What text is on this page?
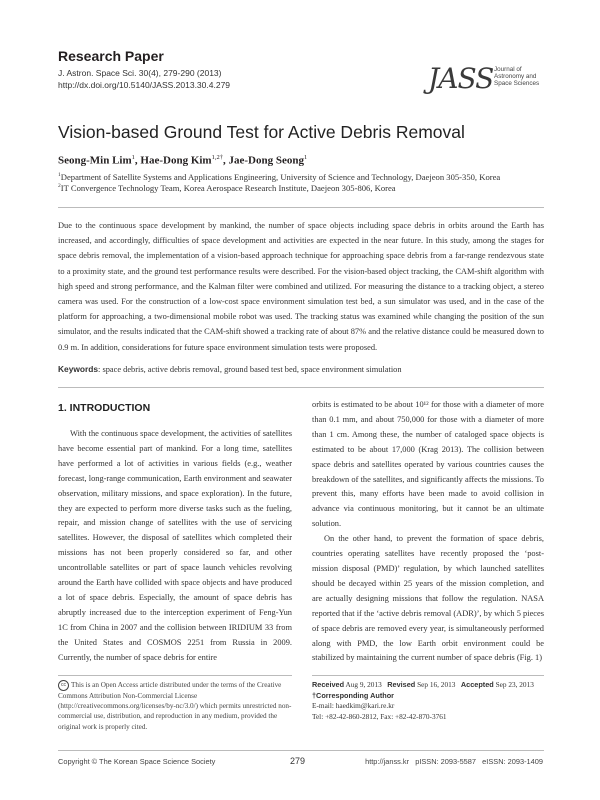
Research Paper
J. Astron. Space Sci. 30(4), 279-290 (2013)
http://dx.doi.org/10.5140/JASS.2013.30.4.279	JASS Journal of
Astronomy and
Space Sciences
Vision-based Ground Test for Active Debris Removal
Seong-Min Lim$^1$, Hae-Dong Kim$^{1,2\dagger}$, Jae-Dong Seong$^1$
$^1$Department of Satellite Systems and Applications Engineering, University of Science and Technology, Daejeon 305-350, Korea
$^2$IT Convergence Technology Team, Korea Aerospace Research Institute, Daejeon 305-806, Korea
Due to the continuous space development by mankind, the number of space objects including space debris in orbits around the Earth has increased, and accordingly, difficulties of space development and activities are expected in the near future. In this study, among the stages for space debris removal, the implementation of a vision-based approach technique for approaching space debris from a far-range rendezvous state to a proximity state, and the ground test performance results were described. For the vision-based object tracking, the CAM-shift algorithm with high speed and strong performance, and the Kalman filter were combined and utilized. For measuring the distance to a tracking object, a stereo camera was used. For the construction of a low-cost space environment simulation test bed, a sun simulator was used, and in the case of the platform for approaching, a two-dimensional mobile robot was used. The tracking status was examined while changing the position of the sun simulator, and the results indicated that the CAM-shift showed a tracking rate of about 87% and the relative distance could be measured down to 0.9 m. In addition, considerations for future space environment simulation tests were proposed.
Keywords: space debris, active debris removal, ground based test bed, space environment simulation
1. INTRODUCTION

With the continuous space development, the activities of satellites have become essential part of mankind. For a long time, satellites have performed a lot of activities in various fields (e.g., weather forecast, long-range communication, Earth environment and seawater observation, military missions, and space exploration). In the future, they are expected to perform more diverse tasks such as the fueling, repair, and mission change of satellites with the use of servicing satellites. However, the disposal of satellites which completed their missions has not been properly considered so far, and other uncontrollable satellites or part of space launch vehicles revolving around the Earth have collided with space objects and have produced a lot of space debris. Especially, the amount of space debris has abruptly increased due to the interception experiment of Feng-Yun 1C from China in 2007 and the collision between IRIDIUM 33 from the United States and COSMOS 2251 from Russia in 2009. Currently, the number of space debris for entire

orbits is estimated to be about 10¹² for those with a diameter of more than 0.1 mm, and about 750,000 for those with a diameter of more than 1 cm. Among these, the number of cataloged space objects is estimated to be about 17,000 (Krag 2013). The collision between space debris and satellites operated by various countries causes the breakdown of the satellites, and significantly affects the missions. To prevent this, many efforts have been made to avoid collision in advance via continuous monitoring, but it cannot be an ultimate solution.

On the other hand, to prevent the formation of space debris, countries operating satellites have recently proposed the ‘post-mission disposal (PMD)’ regulation, by which launched satellites should be decayed within 25 years of the mission completion, and are actually designing missions that follow the regulation. NASA reported that if the ‘active debris removal (ADR)’, by which 5 pieces of space debris are removed every year, is simultaneously performed along with PMD, the low Earth orbit environment could be stabilized by maintaining the current number of space debris (Fig. 1)

cc This is an Open Access article distributed under the terms of the Creative Commons Attribution Non-Commercial License (http://creativecommons.org/licenses/by-nc/3.0/) which permits unrestricted non-commercial use, distribution, and reproduction in any medium, provided the original work is properly cited.
Received Aug 9, 2013 Revised Sep 16, 2013 Accepted Sep 23, 2013
†Corresponding Author
E-mail: haedkim@kari.re.kr
Tel: +82-42-860-2812, Fax: +82-42-870-3761
Copyright © The Korean Space Science Society	279	http://janss.kr   pISSN: 2093-5587   eISSN: 2093-1409
